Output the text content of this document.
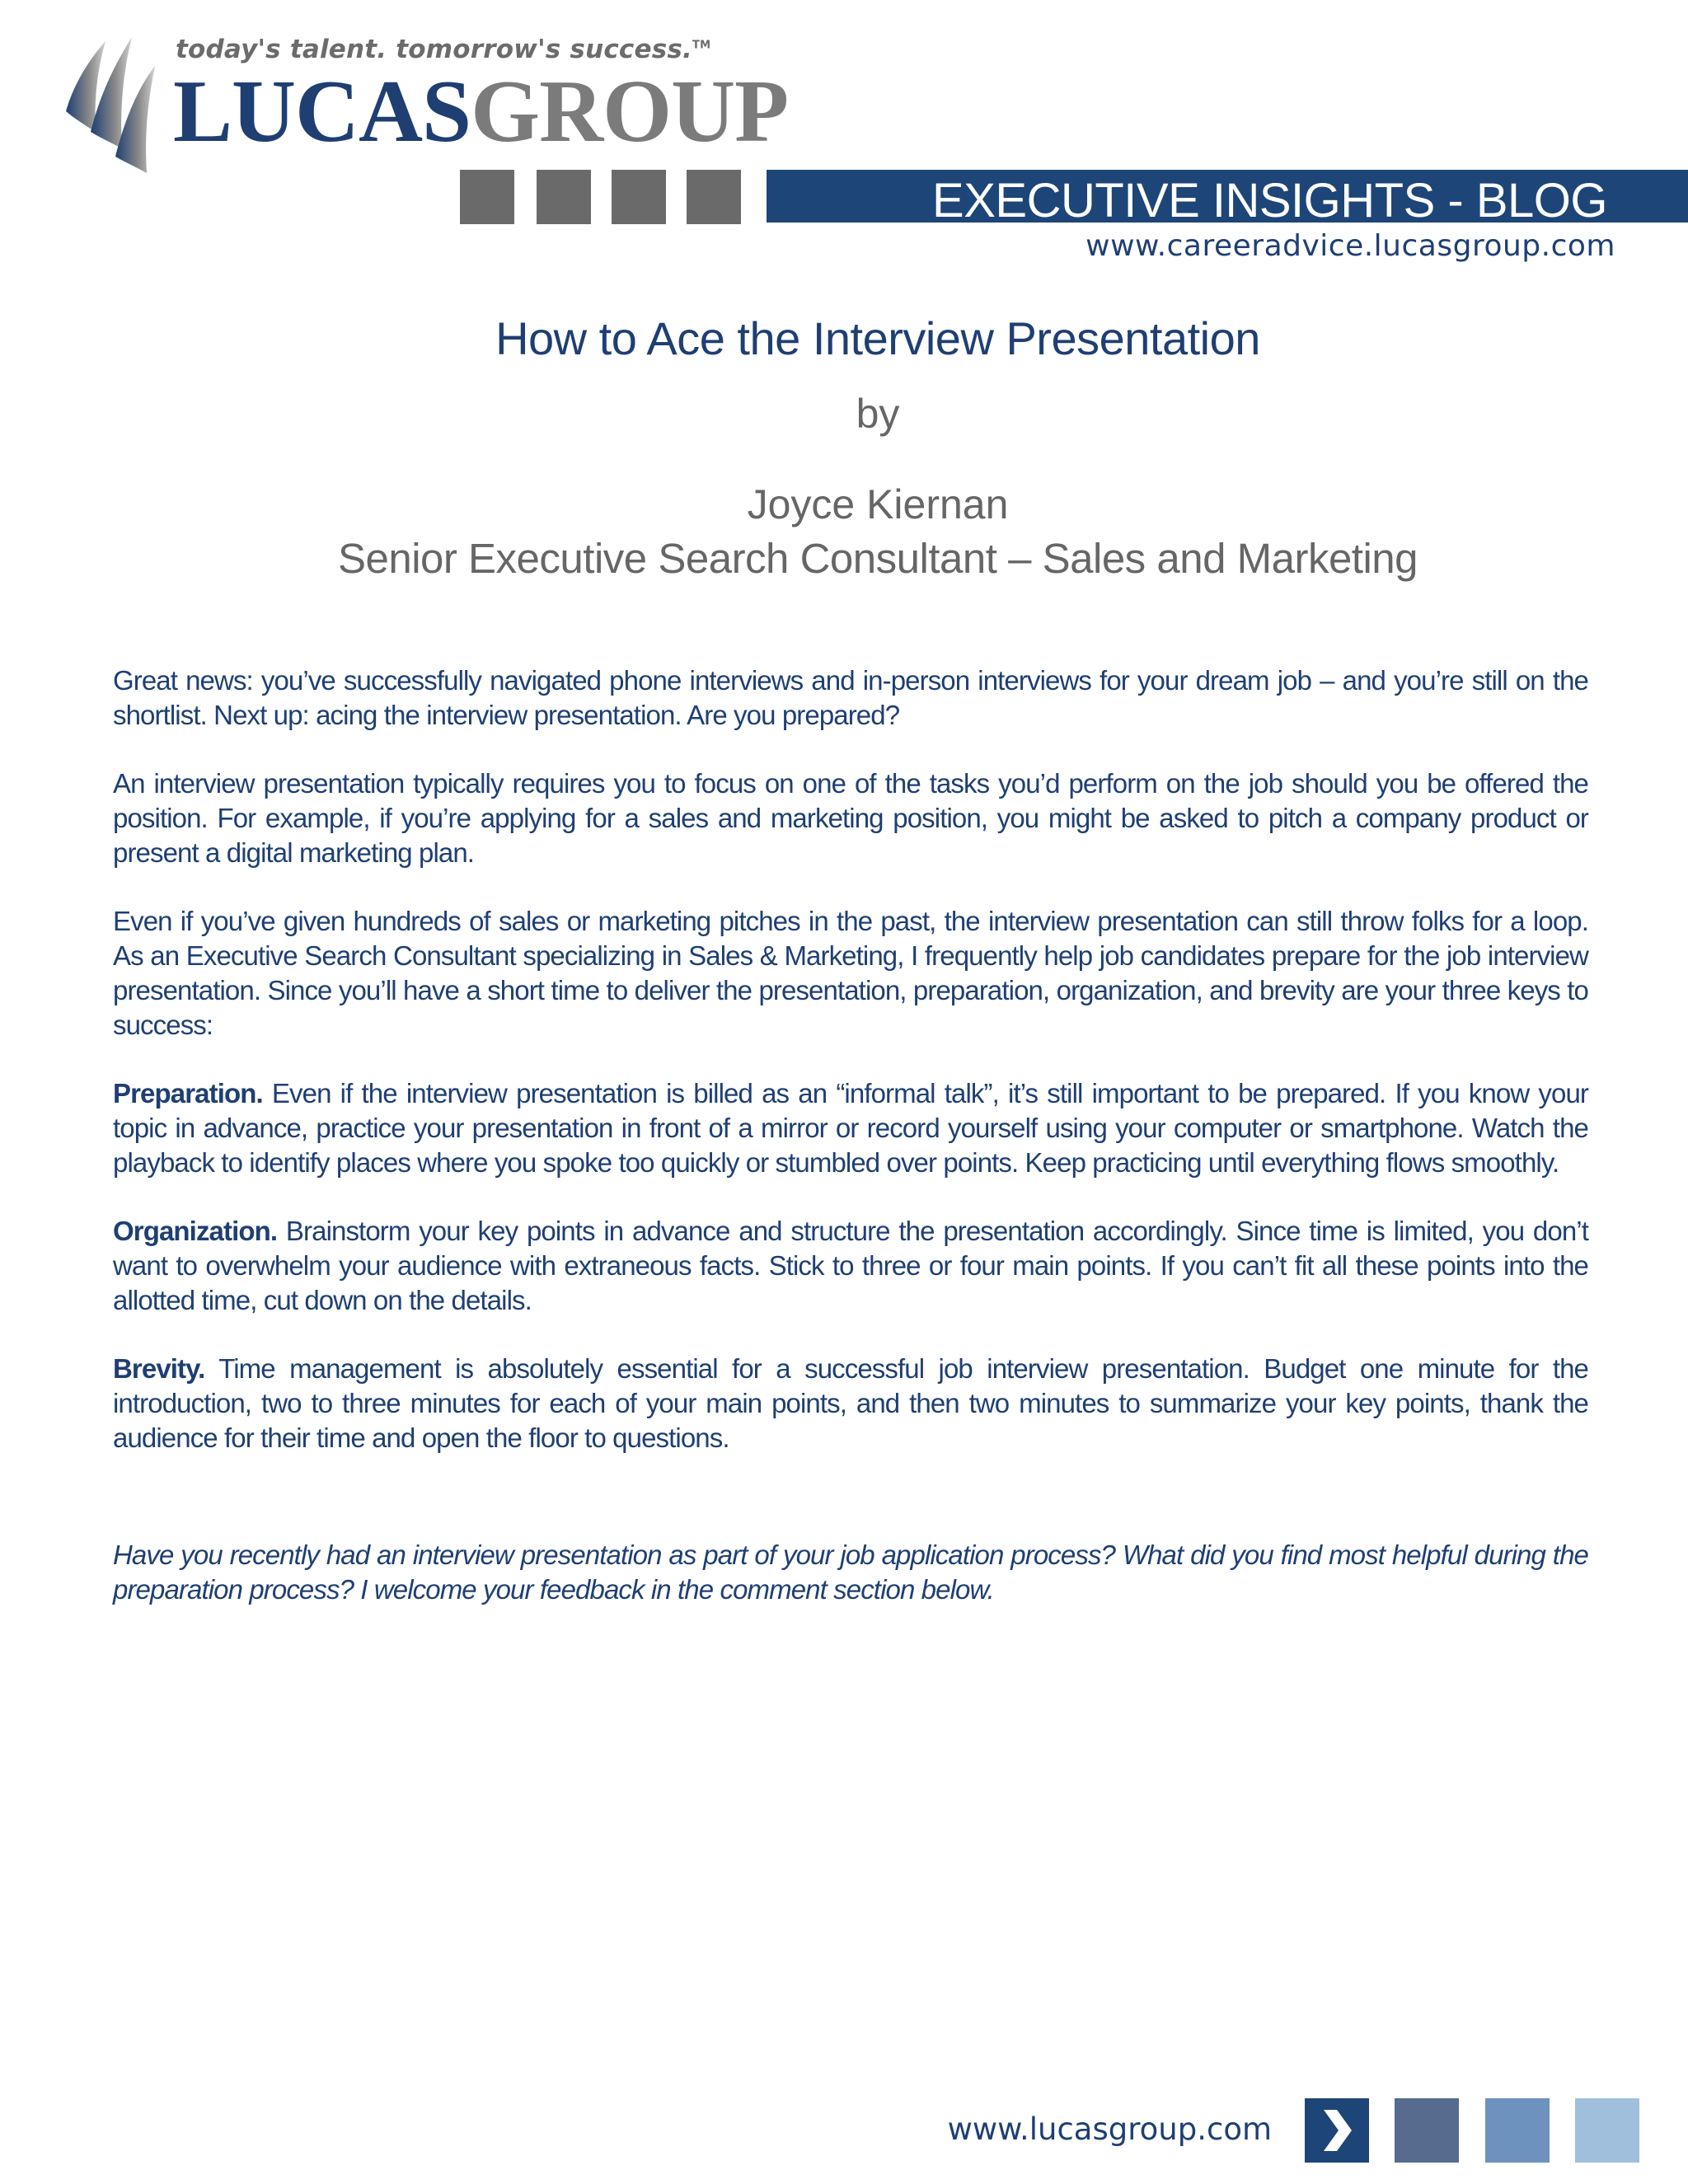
today's talent. tomorrow's success.™
LUCASGROUP
EXECUTIVE INSIGHTS - BLOG
www.careeradvice.lucasgroup.com
How to Ace the Interview Presentation
by
Joyce Kiernan
Senior Executive Search Consultant – Sales and Marketing

Great news: you’ve successfully navigated phone interviews and in-person interviews for your dream job – and you’re still on the shortlist. Next up: acing the interview presentation. Are you prepared?

An interview presentation typically requires you to focus on one of the tasks you’d perform on the job should you be offered the position. For example, if you’re applying for a sales and marketing position, you might be asked to pitch a company product or present a digital marketing plan.

Even if you’ve given hundreds of sales or marketing pitches in the past, the interview presentation can still throw folks for a loop. As an Executive Search Consultant specializing in Sales & Marketing, I frequently help job candidates prepare for the job interview presentation. Since you’ll have a short time to deliver the presentation, preparation, organization, and brevity are your three keys to success:

Preparation. Even if the interview presentation is billed as an “informal talk”, it’s still important to be prepared. If you know your topic in advance, practice your presentation in front of a mirror or record yourself using your computer or smartphone. Watch the playback to identify places where you spoke too quickly or stumbled over points. Keep practicing until everything flows smoothly.

Organization. Brainstorm your key points in advance and structure the presentation accordingly. Since time is limited, you don’t want to overwhelm your audience with extraneous facts. Stick to three or four main points. If you can’t fit all these points into the allotted time, cut down on the details.

Brevity. Time management is absolutely essential for a successful job interview presentation. Budget one minute for the introduction, two to three minutes for each of your main points, and then two minutes to summarize your key points, thank the audience for their time and open the floor to questions.

Have you recently had an interview presentation as part of your job application process? What did you find most helpful during the preparation process? I welcome your feedback in the comment section below.

www.lucasgroup.com
